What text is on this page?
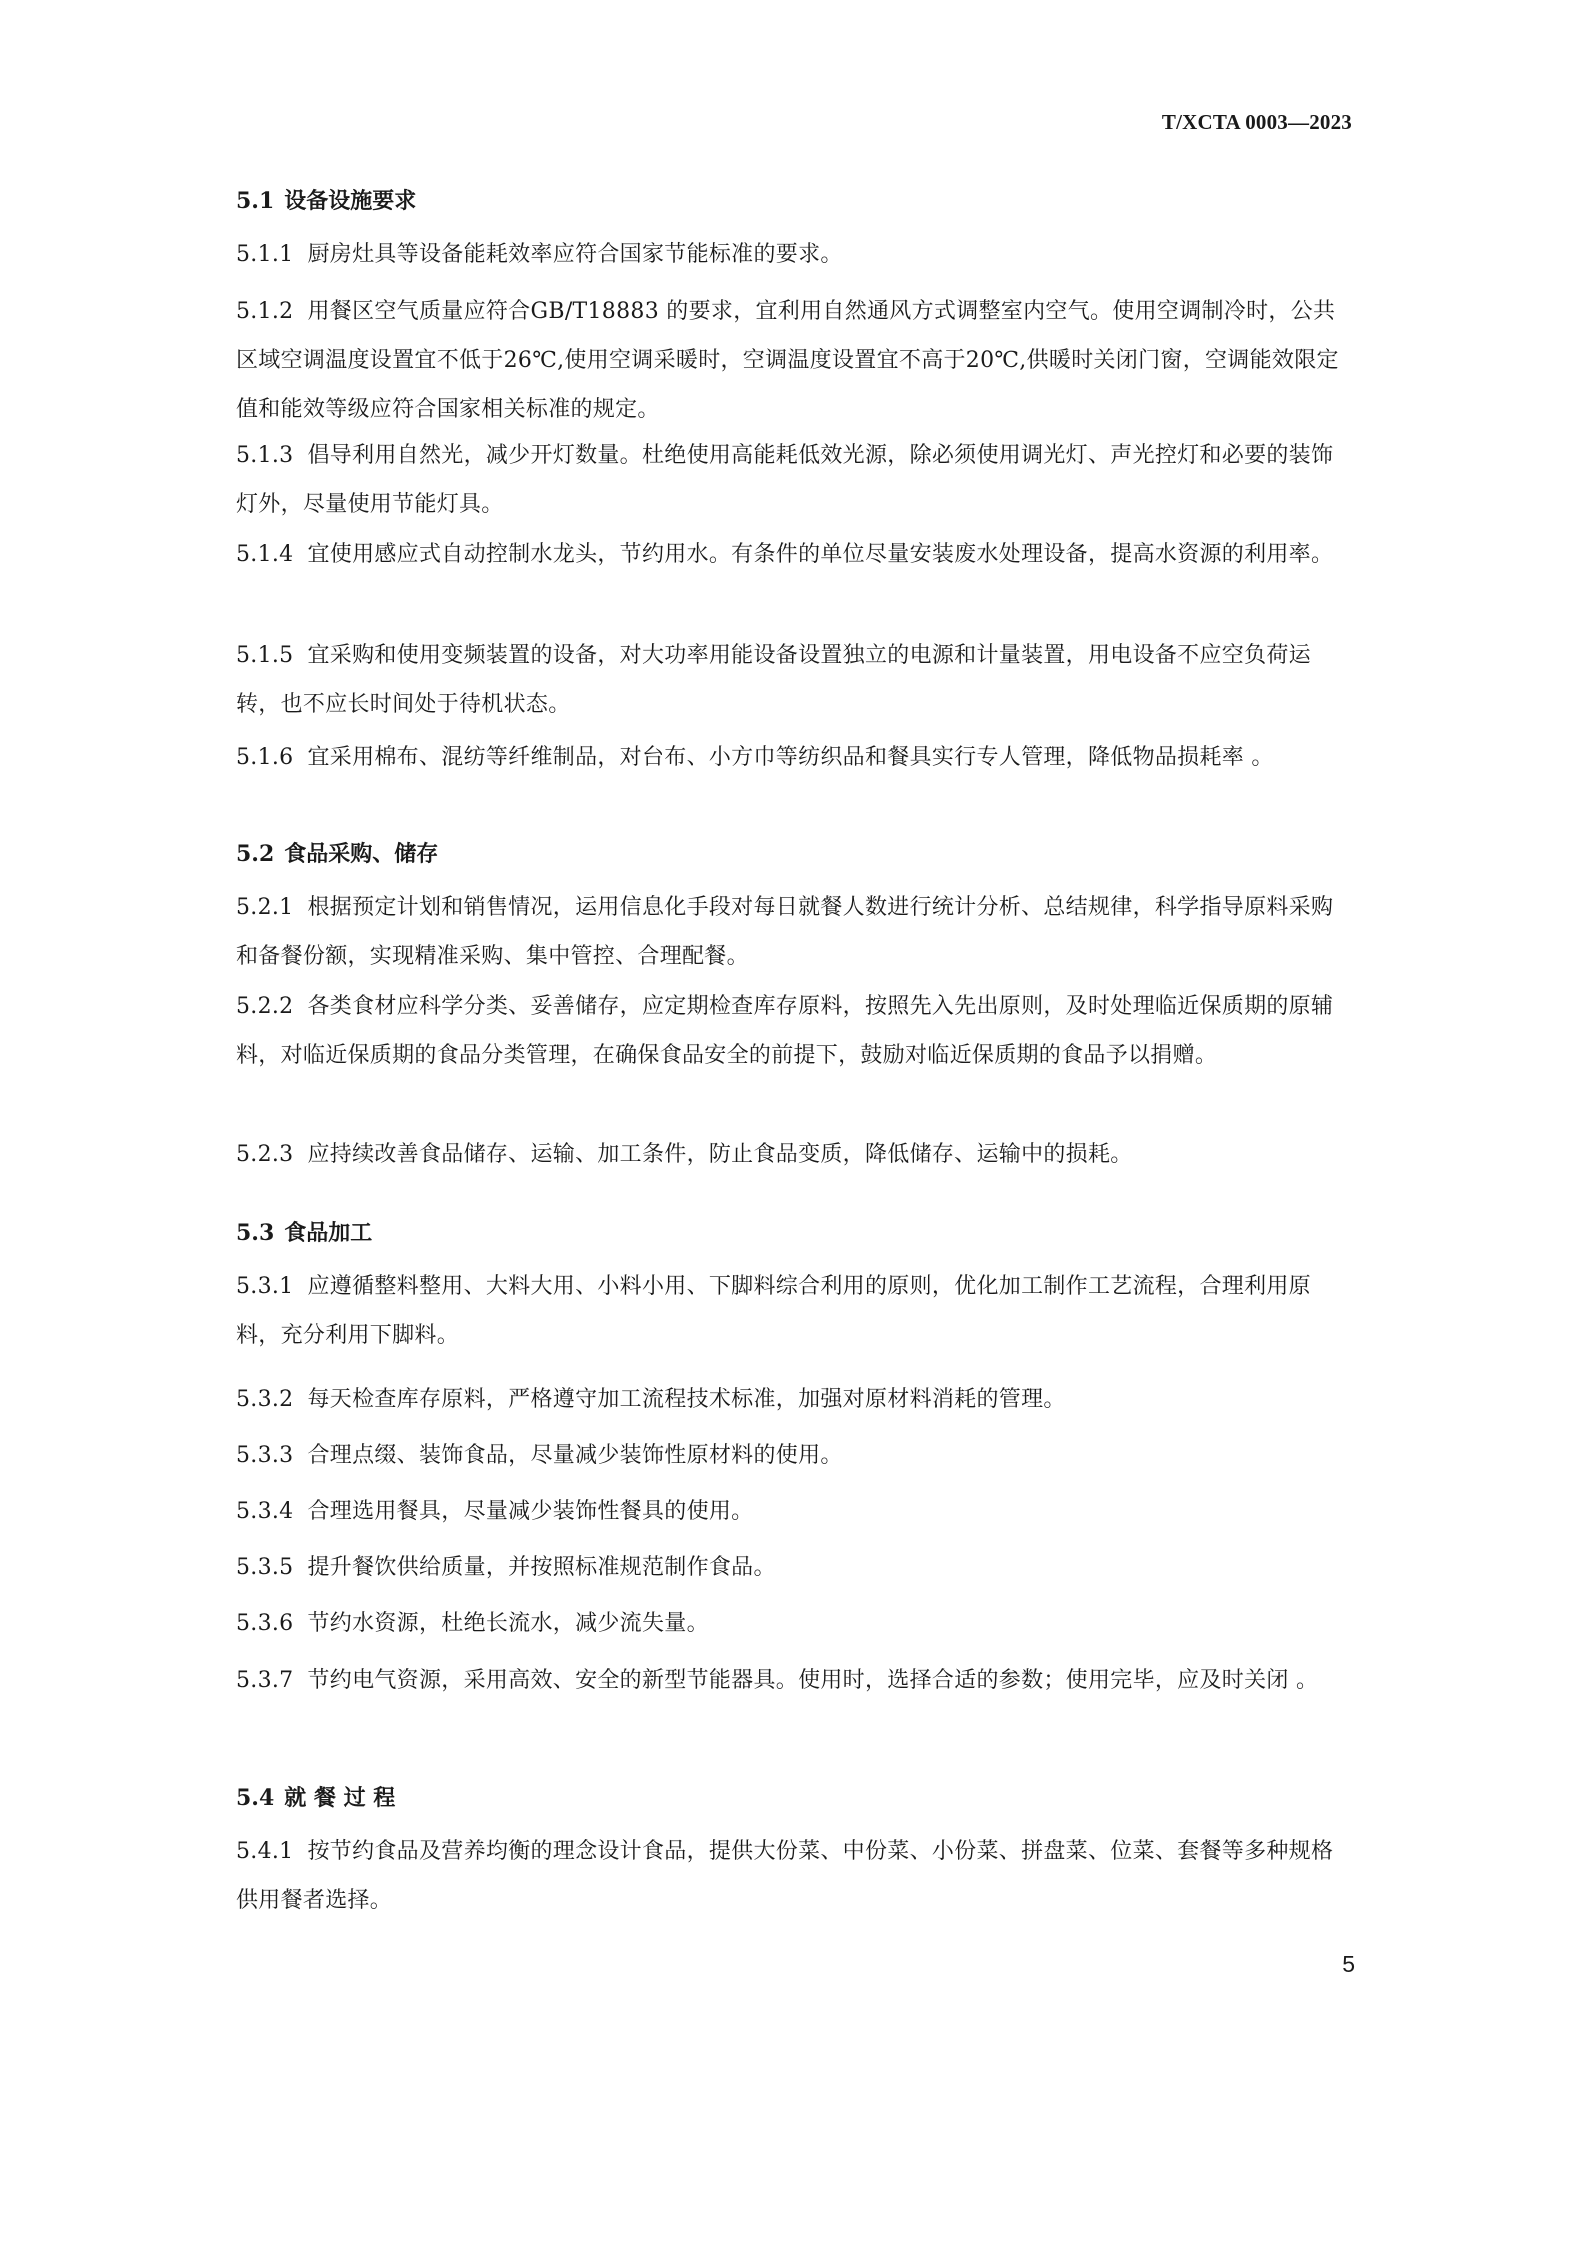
T/XCTA 0003—2023
5.1 设备设施要求
5.1.1 厨房灶具等设备能耗效率应符合国家节能标准的要求。
5.1.2 用餐区空气质量应符合GB/T18883 的要求，宜利用自然通风方式调整室内空气。使用空调制冷时，公共区域空调温度设置宜不低于26℃,使用空调采暖时，空调温度设置宜不高于20℃,供暖时关闭门窗，空调能效限定值和能效等级应符合国家相关标准的规定。
5.1.3 倡导利用自然光，减少开灯数量。杜绝使用高能耗低效光源，除必须使用调光灯、声光控灯和必要的装饰灯外，尽量使用节能灯具。
5.1.4 宜使用感应式自动控制水龙头，节约用水。有条件的单位尽量安装废水处理设备，提高水资源的利用率。
5.1.5 宜采购和使用变频装置的设备，对大功率用能设备设置独立的电源和计量装置，用电设备不应空负荷运转，也不应长时间处于待机状态。
5.1.6 宜采用棉布、混纺等纤维制品，对台布、小方巾等纺织品和餐具实行专人管理，降低物品损耗率 。
5.2 食品采购、储存
5.2.1 根据预定计划和销售情况，运用信息化手段对每日就餐人数进行统计分析、总结规律，科学指导原料采购和备餐份额，实现精准采购、集中管控、合理配餐。
5.2.2 各类食材应科学分类、妥善储存，应定期检查库存原料，按照先入先出原则，及时处理临近保质期的原辅料，对临近保质期的食品分类管理，在确保食品安全的前提下，鼓励对临近保质期的食品予以捐赠。
5.2.3 应持续改善食品储存、运输、加工条件，防止食品变质，降低储存、运输中的损耗。
5.3 食品加工
5.3.1 应遵循整料整用、大料大用、小料小用、下脚料综合利用的原则，优化加工制作工艺流程，合理利用原料，充分利用下脚料。
5.3.2 每天检查库存原料，严格遵守加工流程技术标准，加强对原材料消耗的管理。
5.3.3 合理点缀、装饰食品，尽量减少装饰性原材料的使用。
5.3.4 合理选用餐具，尽量减少装饰性餐具的使用。
5.3.5 提升餐饮供给质量，并按照标准规范制作食品。
5.3.6 节约水资源，杜绝长流水，减少流失量。
5.3.7 节约电气资源，采用高效、安全的新型节能器具。使用时，选择合适的参数；使用完毕，应及时关闭 。
5.4 就 餐 过 程
5.4.1 按节约食品及营养均衡的理念设计食品，提供大份菜、中份菜、小份菜、拼盘菜、位菜、套餐等多种规格供用餐者选择。
5
